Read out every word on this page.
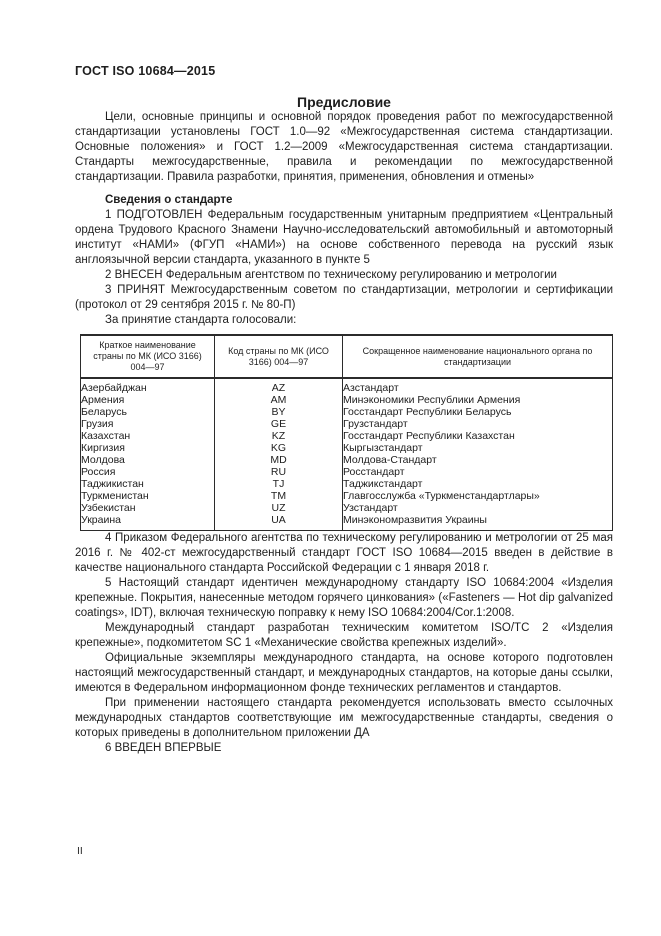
ГОСТ ISO 10684—2015
Предисловие

Цели, основные принципы и основной порядок проведения работ по межгосударственной стандартизации установлены ГОСТ 1.0—92 «Межгосударственная система стандартизации. Основные положения» и ГОСТ 1.2—2009 «Межгосударственная система стандартизации. Стандарты межгосударственные, правила и рекомендации по межгосударственной стандартизации. Правила разработки, принятия, применения, обновления и отмены»

Сведения о стандарте

1 ПОДГОТОВЛЕН Федеральным государственным унитарным предприятием «Центральный ордена Трудового Красного Знамени Научно-исследовательский автомобильный и автомоторный институт «НАМИ» (ФГУП «НАМИ») на основе собственного перевода на русский язык англоязычной версии стандарта, указанного в пункте 5

2 ВНЕСЕН Федеральным агентством по техническому регулированию и метрологии

3 ПРИНЯТ Межгосударственным советом по стандартизации, метрологии и сертификации (протокол от 29 сентября 2015 г. № 80-П)

За принятие стандарта голосовали:

Краткое наименование страны по МК (ИСО 3166) 004—97	Код страны по МК (ИСО 3166) 004—97	Сокращенное наименование национального органа по стандартизации
Азербайджан	AZ	Азстандарт
Армения	AM	Минэкономики Республики Армения
Беларусь	BY	Госстандарт Республики Беларусь
Грузия	GE	Грузстандарт
Казахстан	KZ	Госстандарт Республики Казахстан
Киргизия	KG	Кыргызстандарт
Молдова	MD	Молдова-Стандарт
Россия	RU	Росстандарт
Таджикистан	TJ	Таджикстандарт
Туркменистан	TM	Главгосслужба «Туркменстандартлары»
Узбекистан	UZ	Узстандарт
Украина	UA	Минэкономразвития Украины

4 Приказом Федерального агентства по техническому регулированию и метрологии от 25 мая 2016 г. № 402-ст межгосударственный стандарт ГОСТ ISO 10684—2015 введен в действие в качестве национального стандарта Российской Федерации с 1 января 2018 г.

5 Настоящий стандарт идентичен международному стандарту ISO 10684:2004 «Изделия крепежные. Покрытия, нанесенные методом горячего цинкования» («Fasteners — Hot dip galvanized coatings», IDT), включая техническую поправку к нему ISO 10684:2004/Cor.1:2008.

Международный стандарт разработан техническим комитетом ISO/TC 2 «Изделия крепежные», подкомитетом SC 1 «Механические свойства крепежных изделий».

Официальные экземпляры международного стандарта, на основе которого подготовлен настоящий межгосударственный стандарт, и международных стандартов, на которые даны ссылки, имеются в Федеральном информационном фонде технических регламентов и стандартов.

При применении настоящего стандарта рекомендуется использовать вместо ссылочных международных стандартов соответствующие им межгосударственные стандарты, сведения о которых приведены в дополнительном приложении ДА

6 ВВЕДЕН ВПЕРВЫЕ

II
